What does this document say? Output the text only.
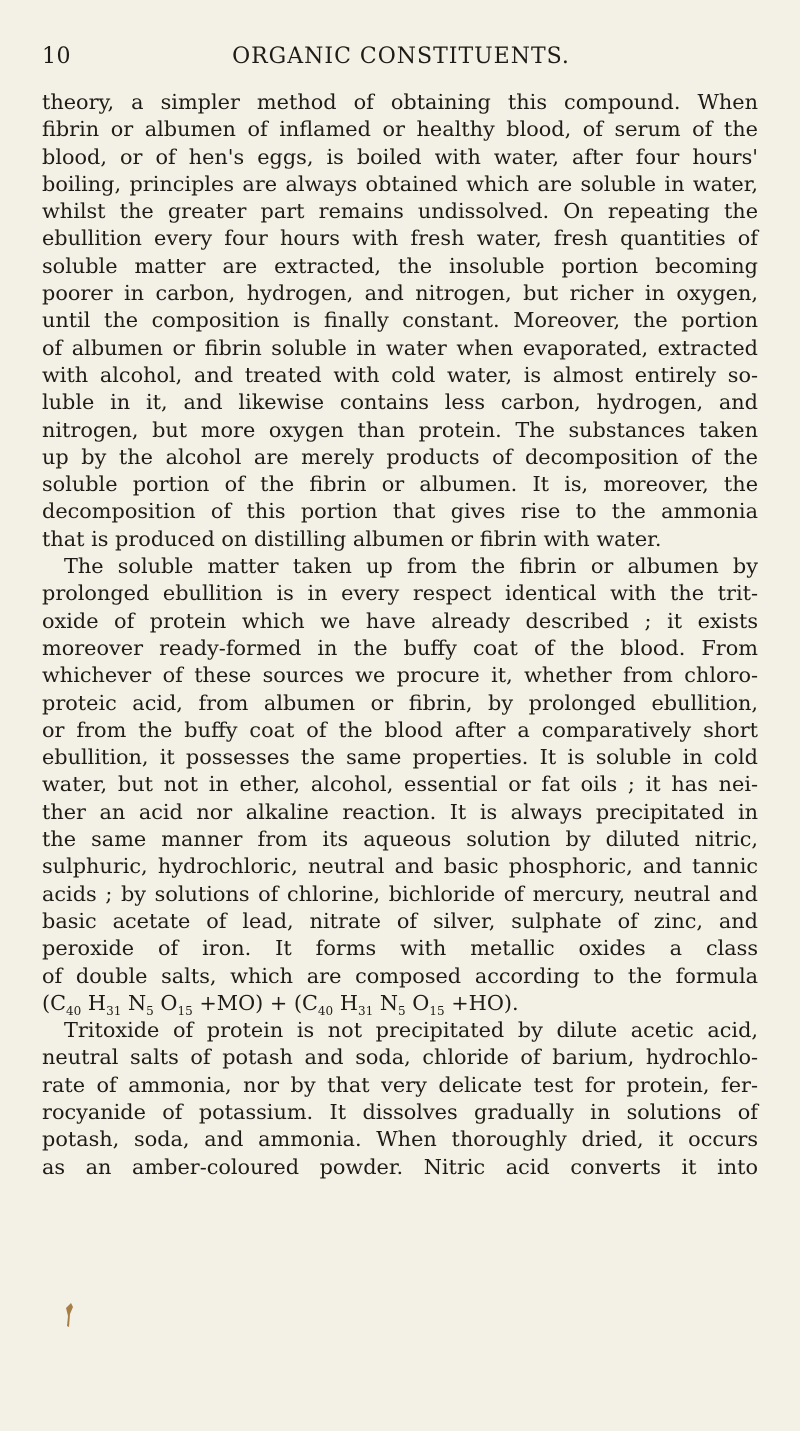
10	ORGANIC CONSTITUENTS.
theory, a simpler method of obtaining this compound. When
fibrin or albumen of inflamed or healthy blood, of serum of the
blood, or of hen's eggs, is boiled with water, after four hours'
boiling, principles are always obtained which are soluble in water,
whilst the greater part remains undissolved. On repeating the
ebullition every four hours with fresh water, fresh quantities of
soluble matter are extracted, the insoluble portion becoming
poorer in carbon, hydrogen, and nitrogen, but richer in oxygen,
until the composition is finally constant. Moreover, the portion
of albumen or fibrin soluble in water when evaporated, extracted
with alcohol, and treated with cold water, is almost entirely so-
luble in it, and likewise contains less carbon, hydrogen, and
nitrogen, but more oxygen than protein. The substances taken
up by the alcohol are merely products of decomposition of the
soluble portion of the fibrin or albumen. It is, moreover, the
decomposition of this portion that gives rise to the ammonia
that is produced on distilling albumen or fibrin with water.
The soluble matter taken up from the fibrin or albumen by
prolonged ebullition is in every respect identical with the trit-
oxide of protein which we have already described ; it exists
moreover ready-formed in the buffy coat of the blood. From
whichever of these sources we procure it, whether from chloro-
proteic acid, from albumen or fibrin, by prolonged ebullition,
or from the buffy coat of the blood after a comparatively short
ebullition, it possesses the same properties. It is soluble in cold
water, but not in ether, alcohol, essential or fat oils ; it has nei-
ther an acid nor alkaline reaction. It is always precipitated in
the same manner from its aqueous solution by diluted nitric,
sulphuric, hydrochloric, neutral and basic phosphoric, and tannic
acids ; by solutions of chlorine, bichloride of mercury, neutral and
basic acetate of lead, nitrate of silver, sulphate of zinc, and
peroxide of iron. It forms with metallic oxides a class
of double salts, which are composed according to the formula
($C_{40}$ $H_{31}$ $N_5$ $O_{15} +MO) + (C_{40}$ $H_{31}$ $N_5$ $O_{15} +HO$).
Tritoxide of protein is not precipitated by dilute acetic acid,
neutral salts of potash and soda, chloride of barium, hydrochlo-
rate of ammonia, nor by that very delicate test for protein, fer-
rocyanide of potassium. It dissolves gradually in solutions of
potash, soda, and ammonia. When thoroughly dried, it occurs
as an amber-coloured powder. Nitric acid converts it into
